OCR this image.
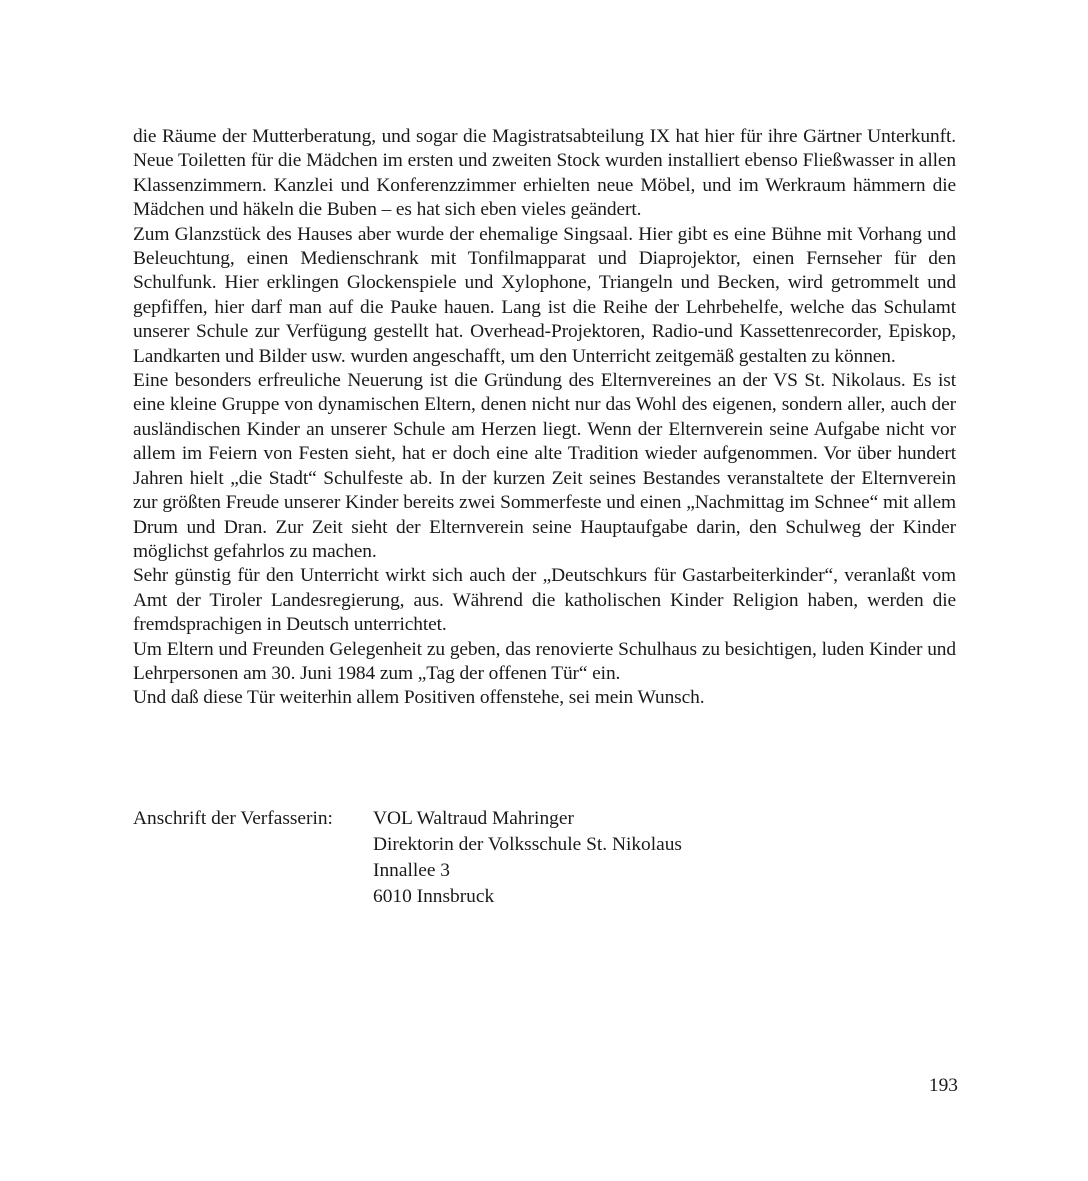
die Räume der Mutterberatung, und sogar die Magistratsabteilung IX hat hier für ihre Gärtner Unterkunft. Neue Toiletten für die Mädchen im ersten und zweiten Stock wurden installiert ebenso Fließwasser in allen Klassenzimmern. Kanzlei und Konferenzzimmer erhielten neue Möbel, und im Werkraum hämmern die Mädchen und häkeln die Buben – es hat sich eben vieles geändert.

Zum Glanzstück des Hauses aber wurde der ehemalige Singsaal. Hier gibt es eine Bühne mit Vorhang und Beleuchtung, einen Medienschrank mit Tonfilmapparat und Diaprojektor, einen Fernseher für den Schulfunk. Hier erklingen Glockenspiele und Xylophone, Triangeln und Becken, wird getrommelt und gepfiffen, hier darf man auf die Pauke hauen. Lang ist die Reihe der Lehrbehelfe, welche das Schulamt unserer Schule zur Verfügung gestellt hat. Overhead-Projektoren, Radio-und Kassettenrecorder, Episkop, Landkarten und Bilder usw. wurden angeschafft, um den Unterricht zeitgemäß gestalten zu können.

Eine besonders erfreuliche Neuerung ist die Gründung des Elternvereines an der VS St. Nikolaus. Es ist eine kleine Gruppe von dynamischen Eltern, denen nicht nur das Wohl des eigenen, sondern aller, auch der ausländischen Kinder an unserer Schule am Herzen liegt. Wenn der Elternverein seine Aufgabe nicht vor allem im Feiern von Festen sieht, hat er doch eine alte Tradition wieder aufgenommen. Vor über hundert Jahren hielt „die Stadt“ Schulfeste ab. In der kurzen Zeit seines Bestandes veranstaltete der Elternverein zur größten Freude unserer Kinder bereits zwei Sommerfeste und einen „Nachmittag im Schnee“ mit allem Drum und Dran. Zur Zeit sieht der Elternverein seine Hauptaufgabe darin, den Schulweg der Kinder möglichst gefahrlos zu machen.

Sehr günstig für den Unterricht wirkt sich auch der „Deutschkurs für Gastarbeiterkinder“, veranlaßt vom Amt der Tiroler Landesregierung, aus. Während die katholischen Kinder Religion haben, werden die fremdsprachigen in Deutsch unterrichtet.

Um Eltern und Freunden Gelegenheit zu geben, das renovierte Schulhaus zu besichtigen, luden Kinder und Lehrpersonen am 30. Juni 1984 zum „Tag der offenen Tür“ ein.

Und daß diese Tür weiterhin allem Positiven offenstehe, sei mein Wunsch.

Anschrift der Verfasserin: VOL Waltraud Mahringer
Direktorin der Volksschule St. Nikolaus
Innallee 3
6010 Innsbruck
193
